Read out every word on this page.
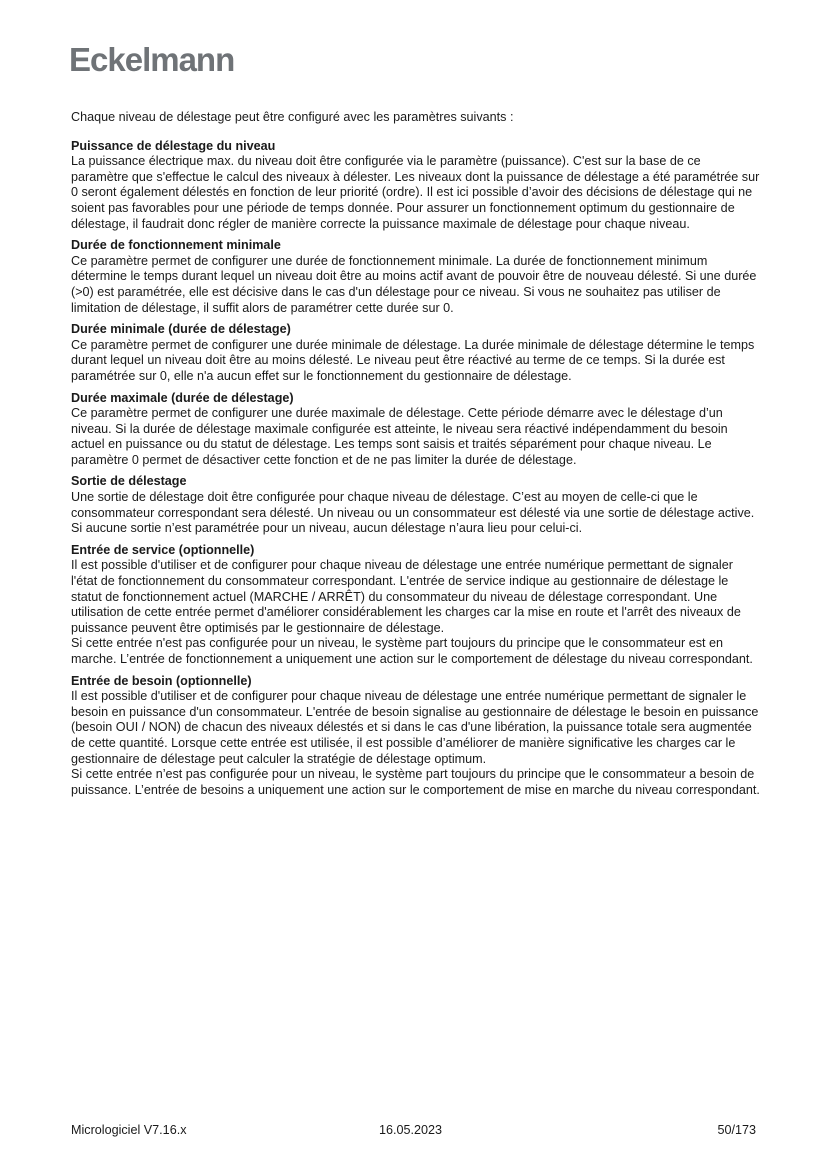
Eckelmann

Chaque niveau de délestage peut être configuré avec les paramètres suivants :

Puissance de délestage du niveau

La puissance électrique max. du niveau doit être configurée via le paramètre (puissance). C'est sur la base de ce paramètre que s'effectue le calcul des niveaux à délester. Les niveaux dont la puissance de délestage a été paramétrée sur 0 seront également délestés en fonction de leur priorité (ordre). Il est ici possible d’avoir des décisions de délestage qui ne soient pas favorables pour une période de temps donnée. Pour assurer un fonctionnement optimum du gestionnaire de délestage, il faudrait donc régler de manière correcte la puissance maximale de délestage pour chaque niveau.

Durée de fonctionnement minimale

Ce paramètre permet de configurer une durée de fonctionnement minimale. La durée de fonctionnement minimum détermine le temps durant lequel un niveau doit être au moins actif avant de pouvoir être de nouveau délesté. Si une durée (>0) est paramétrée, elle est décisive dans le cas d'un délestage pour ce niveau. Si vous ne souhaitez pas utiliser de limitation de délestage, il suffit alors de paramétrer cette durée sur 0.

Durée minimale (durée de délestage)

Ce paramètre permet de configurer une durée minimale de délestage. La durée minimale de délestage détermine le temps durant lequel un niveau doit être au moins délesté. Le niveau peut être réactivé au terme de ce temps. Si la durée est paramétrée sur 0, elle n'a aucun effet sur le fonctionnement du gestionnaire de délestage.

Durée maximale (durée de délestage)

Ce paramètre permet de configurer une durée maximale de délestage. Cette période démarre avec le délestage d’un niveau. Si la durée de délestage maximale configurée est atteinte, le niveau sera réactivé indépendamment du besoin actuel en puissance ou du statut de délestage. Les temps sont saisis et traités séparément pour chaque niveau. Le paramètre 0 permet de désactiver cette fonction et de ne pas limiter la durée de délestage.

Sortie de délestage

Une sortie de délestage doit être configurée pour chaque niveau de délestage. C’est au moyen de celle-ci que le consommateur correspondant sera délesté. Un niveau ou un consommateur est délesté via une sortie de délestage active. Si aucune sortie n’est paramétrée pour un niveau, aucun délestage n’aura lieu pour celui-ci.

Entrée de service (optionnelle)

Il est possible d'utiliser et de configurer pour chaque niveau de délestage une entrée numérique permettant de signaler l'état de fonctionnement du consommateur correspondant. L'entrée de service indique au gestionnaire de délestage le statut de fonctionnement actuel (MARCHE / ARRÊT) du consommateur du niveau de délestage correspondant. Une utilisation de cette entrée permet d'améliorer considérablement les charges car la mise en route et l'arrêt des niveaux de puissance peuvent être optimisés par le gestionnaire de délestage.

Si cette entrée n'est pas configurée pour un niveau, le système part toujours du principe que le consommateur est en marche. L’entrée de fonctionnement a uniquement une action sur le comportement de délestage du niveau correspondant.

Entrée de besoin (optionnelle)

Il est possible d'utiliser et de configurer pour chaque niveau de délestage une entrée numérique permettant de signaler le besoin en puissance d'un consommateur. L'entrée de besoin signalise au gestionnaire de délestage le besoin en puissance (besoin OUI / NON) de chacun des niveaux délestés et si dans le cas d'une libération, la puissance totale sera augmentée de cette quantité. Lorsque cette entrée est utilisée, il est possible d’améliorer de manière significative les charges car le gestionnaire de délestage peut calculer la stratégie de délestage optimum.

Si cette entrée n’est pas configurée pour un niveau, le système part toujours du principe que le consommateur a besoin de puissance. L’entrée de besoins a uniquement une action sur le comportement de mise en marche du niveau correspondant.

Micrologiciel V7.16.x	16.05.2023	50/173
